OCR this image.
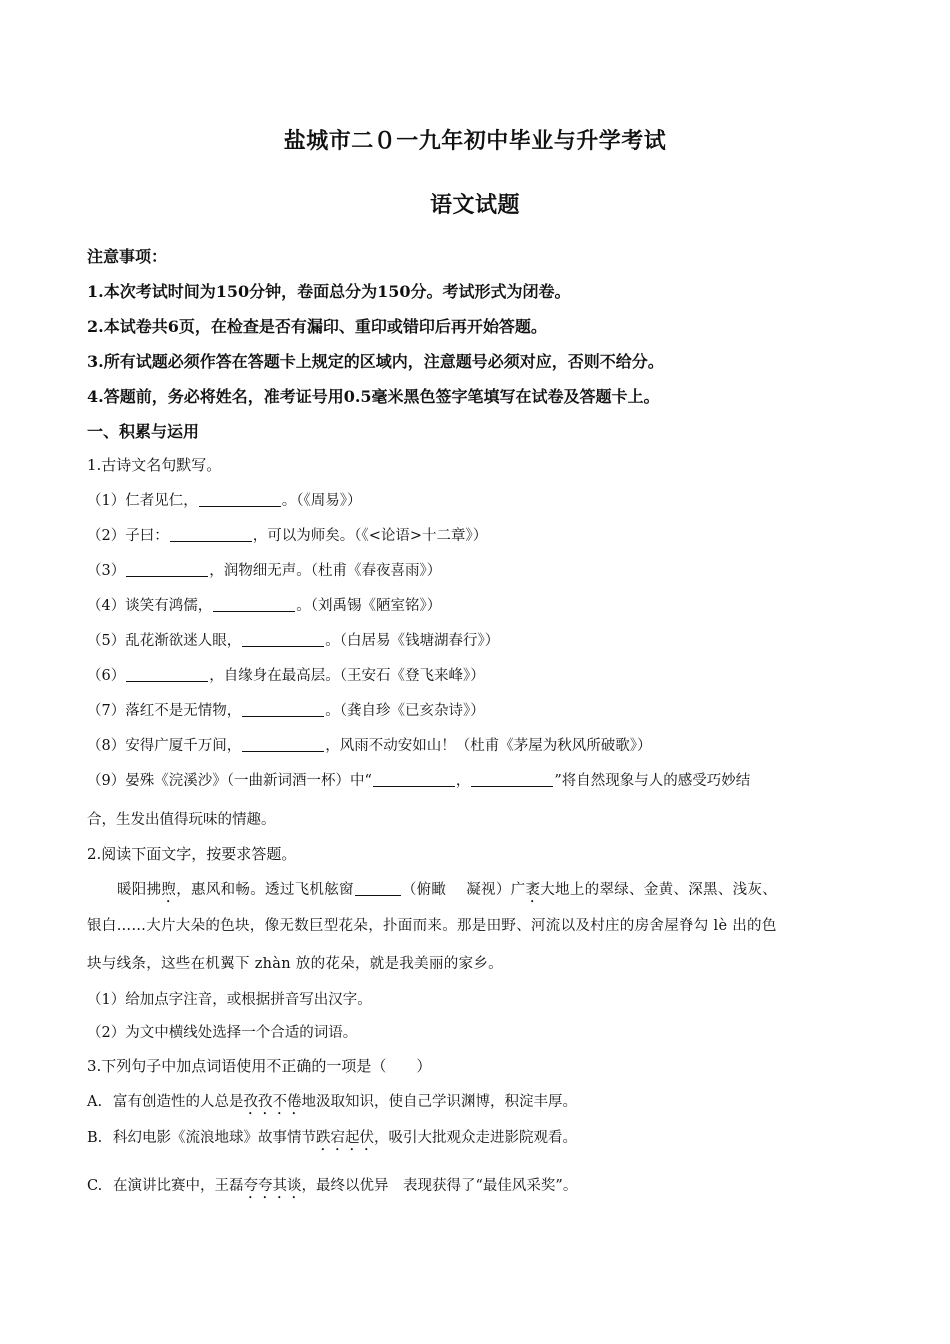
盐城市二０一九年初中毕业与升学考试
语文试题
注意事项：
1.本次考试时间为150分钟，卷面总分为150分。考试形式为闭卷。
2.本试卷共6页，在检查是否有漏印、重印或错印后再开始答题。
3.所有试题必须作答在答题卡上规定的区域内，注意题号必须对应，否则不给分。
4.答题前，务必将姓名，准考证号用0.5毫米黑色签字笔填写在试卷及答题卡上。
一、积累与运用
1.古诗文名句默写。
（1）仁者见仁，	。（《周易》）
（2）子曰：	，可以为师矣。（《<论语>十二章》）
（3）	，润物细无声。（杜甫《春夜喜雨》）
（4）谈笑有鸿儒，	。（刘禹锡《陋室铭》）
（5）乱花渐欲迷人眼，	。（白居易《钱塘湖春行》）
（6）	，自缘身在最高层。（王安石《登飞来峰》）
（7）落红不是无情物，	。（龚自珍《已亥杂诗》）
（8）安得广厦千万间，	，风雨不动安如山！（杜甫《茅屋为秋风所破歌》）
（9）晏殊《浣溪沙》（一曲新词酒一杯）中“	，	”将自然现象与人的感受巧妙结
合，生发出值得玩味的情趣。
2.阅读下面文字，按要求答题。
暖阳拂煦，惠风和畅。透过飞机舷窗	（俯瞰 凝视）广袤大地上的翠绿、金黄、深黑、浅灰、
银白……大片大朵的色块，像无数巨型花朵，扑面而来。那是田野、河流以及村庄的房舍屋脊勾 lè 出的色
块与线条，这些在机翼下 zhàn 放的花朵，就是我美丽的家乡。
（1）给加点字注音，或根据拼音写出汉字。
（2）为文中横线处选择一个合适的词语。
3.下列句子中加点词语使用不正确的一项是（　　）
A. 富有创造性的人总是孜孜不倦地汲取知识，使自己学识渊博，积淀丰厚。
B. 科幻电影《流浪地球》故事情节跌宕起伏，吸引大批观众走进影院观看。
C. 在演讲比赛中，王磊夸夸其谈，最终以优异　表现获得了“最佳风采奖”。
